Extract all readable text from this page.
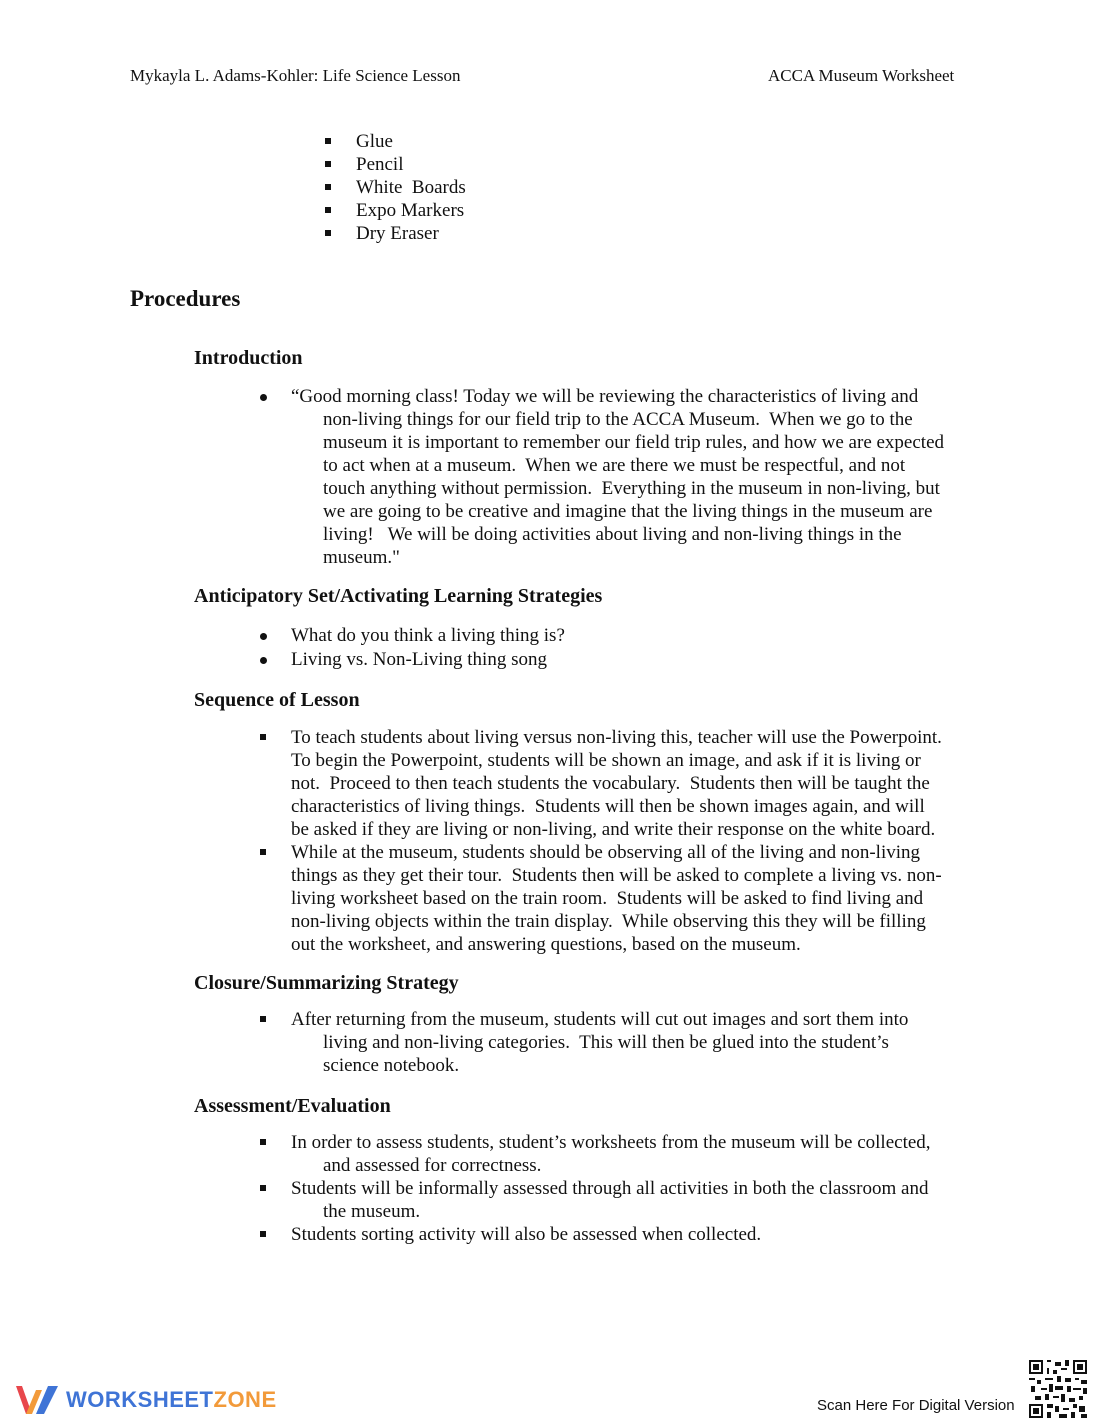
Mykayla L. Adams-Kohler: Life Science Lesson	ACCA Museum Worksheet
Glue
Pencil
White  Boards
Expo Markers
Dry Eraser
Procedures
Introduction
“Good morning class! Today we will be reviewing the characteristics of living and
non-living things for our field trip to the ACCA Museum.  When we go to the
museum it is important to remember our field trip rules, and how we are expected
to act when at a museum.  When we are there we must be respectful, and not
touch anything without permission.  Everything in the museum in non-living, but
we are going to be creative and imagine that the living things in the museum are
living!   We will be doing activities about living and non-living things in the
museum."
Anticipatory Set/Activating Learning Strategies
What do you think a living thing is?
Living vs. Non-Living thing song
Sequence of Lesson
To teach students about living versus non-living this, teacher will use the Powerpoint.
To begin the Powerpoint, students will be shown an image, and ask if it is living or
not.  Proceed to then teach students the vocabulary.  Students then will be taught the
characteristics of living things.  Students will then be shown images again, and will
be asked if they are living or non-living, and write their response on the white board.
While at the museum, students should be observing all of the living and non-living
things as they get their tour.  Students then will be asked to complete a living vs. non-
living worksheet based on the train room.  Students will be asked to find living and
non-living objects within the train display.  While observing this they will be filling
out the worksheet, and answering questions, based on the museum.
Closure/Summarizing Strategy
After returning from the museum, students will cut out images and sort them into
living and non-living categories.  This will then be glued into the student’s
science notebook.
Assessment/Evaluation
In order to assess students, student’s worksheets from the museum will be collected,
and assessed for correctness.
Students will be informally assessed through all activities in both the classroom and
the museum.
Students sorting activity will also be assessed when collected.
WORKSHEETZONE	Scan Here For Digital Version
